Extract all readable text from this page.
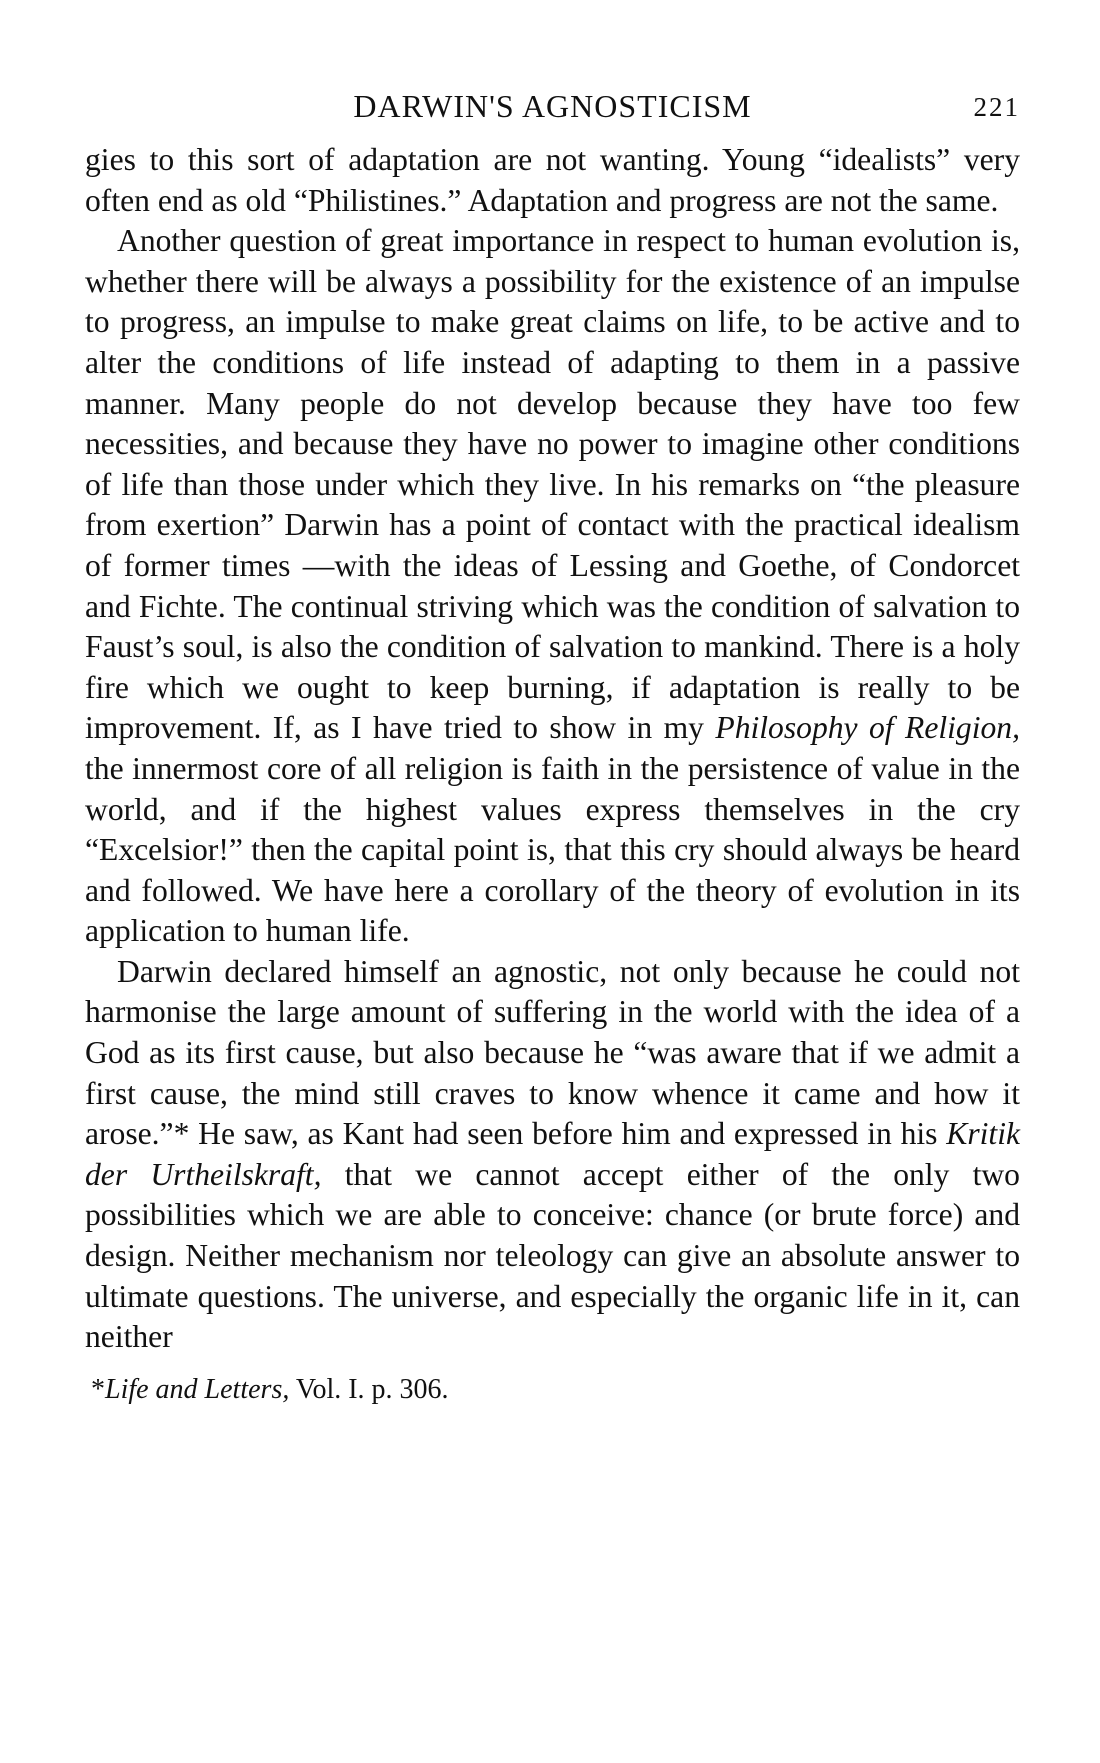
DARWIN'S AGNOSTICISM	221

gies to this sort of adaptation are not wanting. Young “idealists” very often end as old “Philistines.” Adaptation and progress are not the same.

Another question of great importance in respect to human evolution is, whether there will be always a possibility for the existence of an impulse to progress, an impulse to make great claims on life, to be active and to alter the conditions of life instead of adapting to them in a passive manner. Many people do not develop because they have too few necessities, and because they have no power to imagine other conditions of life than those under which they live. In his remarks on “the pleasure from exertion” Darwin has a point of contact with the practical idealism of former times —with the ideas of Lessing and Goethe, of Condorcet and Fichte. The continual striving which was the condition of salvation to Faust’s soul, is also the condition of salvation to mankind. There is a holy fire which we ought to keep burning, if adaptation is really to be improvement. If, as I have tried to show in my Philosophy of Religion, the innermost core of all religion is faith in the persistence of value in the world, and if the highest values express themselves in the cry “Excelsior!” then the capital point is, that this cry should always be heard and followed. We have here a corollary of the theory of evolution in its application to human life.

Darwin declared himself an agnostic, not only because he could not harmonise the large amount of suffering in the world with the idea of a God as its first cause, but also because he “was aware that if we admit a first cause, the mind still craves to know whence it came and how it arose.”* He saw, as Kant had seen before him and expressed in his Kritik der Urtheilskraft, that we cannot accept either of the only two possibilities which we are able to conceive: chance (or brute force) and design. Neither mechanism nor teleology can give an absolute answer to ultimate questions. The universe, and especially the organic life in it, can neither

*Life and Letters, Vol. I. p. 306.
